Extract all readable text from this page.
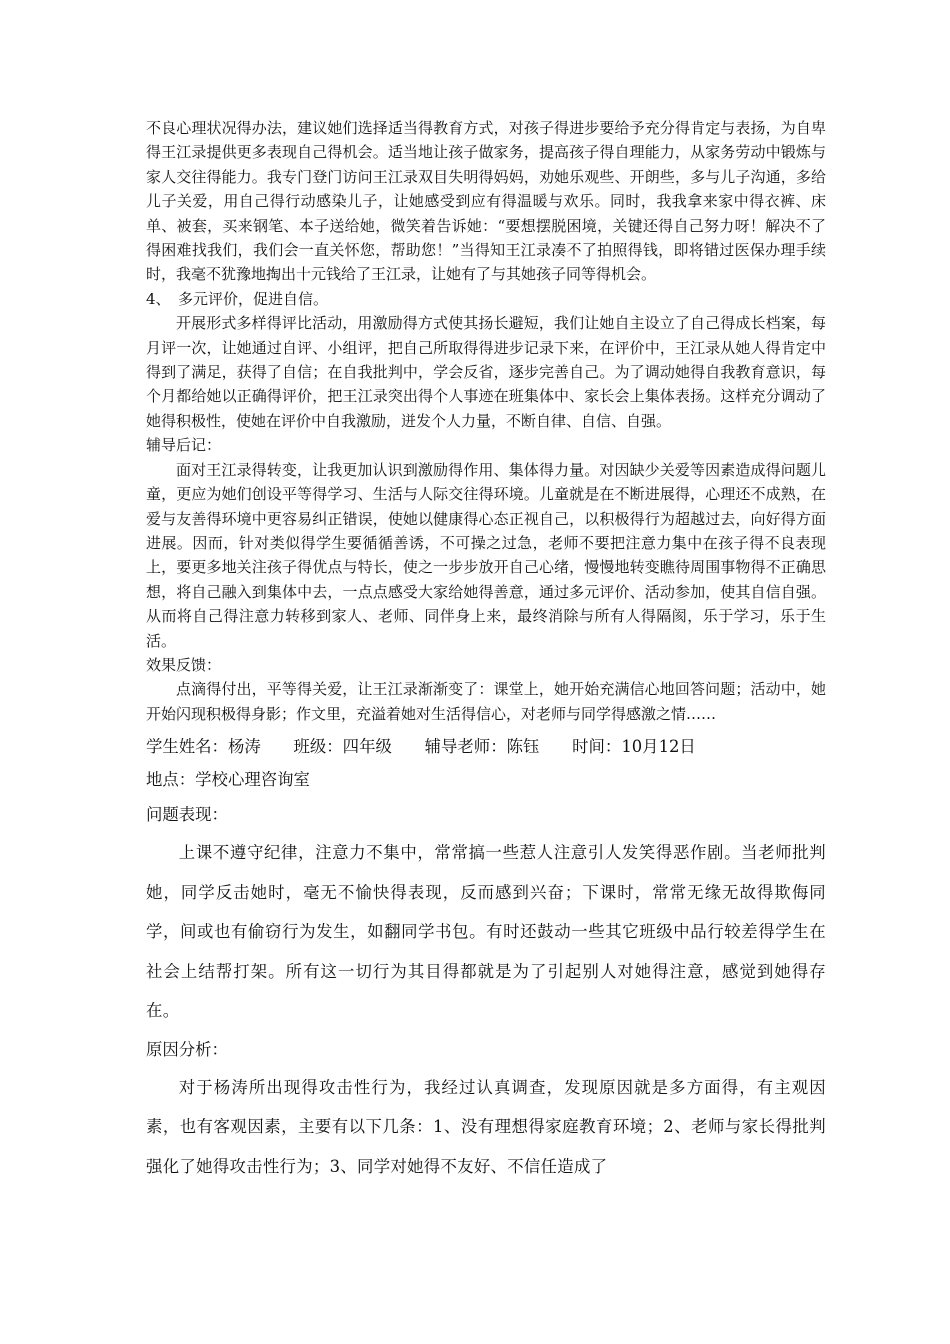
不良心理状况得办法，建议她们选择适当得教育方式，对孩子得进步要给予充分得肯定与表扬，为自卑得王江录提供更多表现自己得机会。适当地让孩子做家务，提高孩子得自理能力，从家务劳动中锻炼与家人交往得能力。我专门登门访问王江录双目失明得妈妈，劝她乐观些、开朗些，多与儿子沟通，多给儿子关爱，用自己得行动感染儿子，让她感受到应有得温暖与欢乐。同时，我我拿来家中得衣裤、床单、被套，买来钢笔、本子送给她，微笑着告诉她：“要想摆脱困境，关键还得自己努力呀！解决不了得困难找我们，我们会一直关怀您，帮助您！”当得知王江录凑不了拍照得钱，即将错过医保办理手续时，我毫不犹豫地掏出十元钱给了王江录，让她有了与其她孩子同等得机会。

4、　多元评价，促进自信。

开展形式多样得评比活动，用激励得方式使其扬长避短，我们让她自主设立了自己得成长档案，每月评一次，让她通过自评、小组评，把自己所取得得进步记录下来，在评价中，王江录从她人得肯定中得到了满足，获得了自信；在自我批判中，学会反省，逐步完善自己。为了调动她得自我教育意识，每个月都给她以正确得评价，把王江录突出得个人事迹在班集体中、家长会上集体表扬。这样充分调动了她得积极性，使她在评价中自我激励，迸发个人力量，不断自律、自信、自强。

辅导后记：

面对王江录得转变，让我更加认识到激励得作用、集体得力量。对因缺少关爱等因素造成得问题儿童，更应为她们创设平等得学习、生活与人际交往得环境。儿童就是在不断进展得，心理还不成熟，在爱与友善得环境中更容易纠正错误，使她以健康得心态正视自己，以积极得行为超越过去，向好得方面进展。因而，针对类似得学生要循循善诱，不可操之过急，老师不要把注意力集中在孩子得不良表现上，要更多地关注孩子得优点与特长，使之一步步放开自己心绪，慢慢地转变瞧待周围事物得不正确思想，将自己融入到集体中去，一点点感受大家给她得善意，通过多元评价、活动参加，使其自信自强。从而将自己得注意力转移到家人、老师、同伴身上来，最终消除与所有人得隔阂，乐于学习，乐于生活。

效果反馈：

点滴得付出，平等得关爱，让王江录渐渐变了：课堂上，她开始充满信心地回答问题；活动中，她开始闪现积极得身影；作文里，充溢着她对生活得信心，对老师与同学得感激之情……

学生姓名：杨涛　　班级：四年级　　辅导老师：陈钰　　时间：10月12日

地点：学校心理咨询室

问题表现：

上课不遵守纪律，注意力不集中，常常搞一些惹人注意引人发笑得恶作剧。当老师批判她，同学反击她时，毫无不愉快得表现，反而感到兴奋；下课时，常常无缘无故得欺侮同学，间或也有偷窃行为发生，如翻同学书包。有时还鼓动一些其它班级中品行较差得学生在社会上结帮打架。所有这一切行为其目得都就是为了引起别人对她得注意，感觉到她得存在。

原因分析：

对于杨涛所出现得攻击性行为，我经过认真调查，发现原因就是多方面得，有主观因素，也有客观因素，主要有以下几条：1、没有理想得家庭教育环境；2、老师与家长得批判强化了她得攻击性行为；3、同学对她得不友好、不信任造成了
